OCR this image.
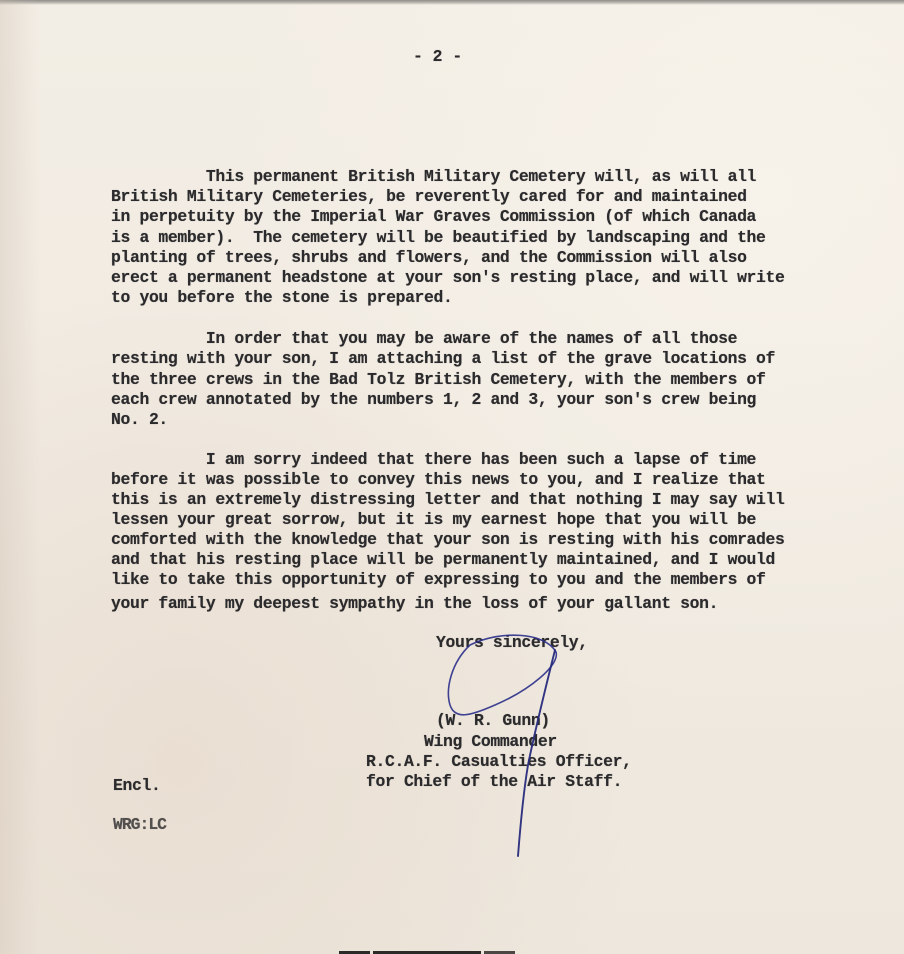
- 2 -

This permanent British Military Cemetery will, as will all

British Military Cemeteries, be reverently cared for and maintained

in perpetuity by the Imperial War Graves Commission (of which Canada

is a member).  The cemetery will be beautified by landscaping and the

planting of trees, shrubs and flowers, and the Commission will also

erect a permanent headstone at your son's resting place, and will write

to you before the stone is prepared.

In order that you may be aware of the names of all those

resting with your son, I am attaching a list of the grave locations of

the three crews in the Bad Tolz British Cemetery, with the members of

each crew annotated by the numbers 1, 2 and 3, your son's crew being

No. 2.

I am sorry indeed that there has been such a lapse of time

before it was possible to convey this news to you, and I realize that

this is an extremely distressing letter and that nothing I may say will

lessen your great sorrow, but it is my earnest hope that you will be

comforted with the knowledge that your son is resting with his comrades

and that his resting place will be permanently maintained, and I would

like to take this opportunity of expressing to you and the members of

your family my deepest sympathy in the loss of your gallant son.

Yours sincerely,

(W. R. Gunn)

Wing Commander

R.C.A.F. Casualties Officer,

for Chief of the Air Staff.

Encl.

WRG:LC
